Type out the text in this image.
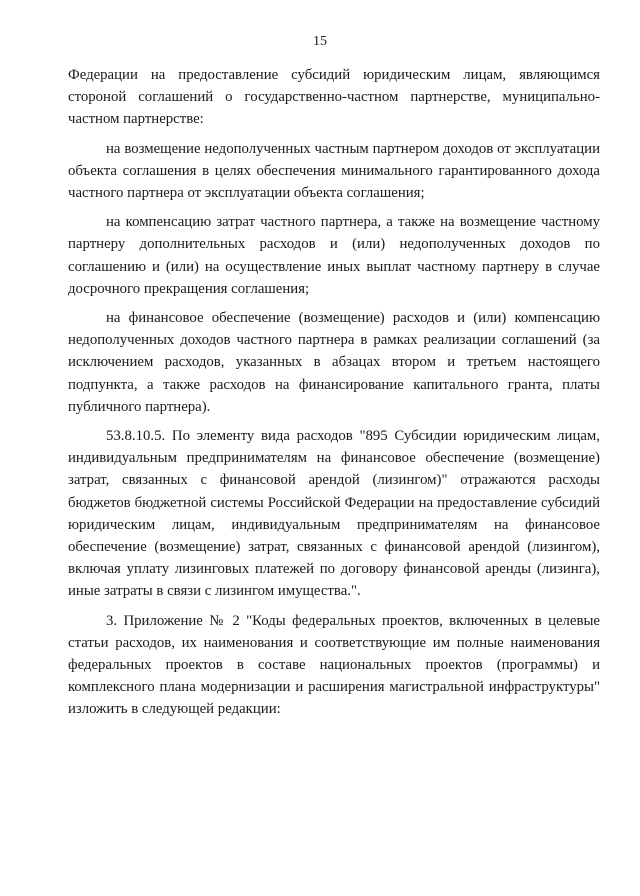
15

Федерации на предоставление субсидий юридическим лицам, являющимся стороной соглашений о государственно-частном партнерстве, муниципально-частном партнерстве:

на возмещение недополученных частным партнером доходов от эксплуатации объекта соглашения в целях обеспечения минимального гарантированного дохода частного партнера от эксплуатации объекта соглашения;

на компенсацию затрат частного партнера, а также на возмещение частному партнеру дополнительных расходов и (или) недополученных доходов по соглашению и (или) на осуществление иных выплат частному партнеру в случае досрочного прекращения соглашения;

на финансовое обеспечение (возмещение) расходов и (или) компенсацию недополученных доходов частного партнера в рамках реализации соглашений (за исключением расходов, указанных в абзацах втором и третьем настоящего подпункта, а также расходов на финансирование капитального гранта, платы публичного партнера).

53.8.10.5. По элементу вида расходов "895 Субсидии юридическим лицам, индивидуальным предпринимателям на финансовое обеспечение (возмещение) затрат, связанных с финансовой арендой (лизингом)" отражаются расходы бюджетов бюджетной системы Российской Федерации на предоставление субсидий юридическим лицам, индивидуальным предпринимателям на финансовое обеспечение (возмещение) затрат, связанных с финансовой арендой (лизингом), включая уплату лизинговых платежей по договору финансовой аренды (лизинга), иные затраты в связи с лизингом имущества.".

3. Приложение № 2 "Коды федеральных проектов, включенных в целевые статьи расходов, их наименования и соответствующие им полные наименования федеральных проектов в составе национальных проектов (программы) и комплексного плана модернизации и расширения магистральной инфраструктуры" изложить в следующей редакции:
